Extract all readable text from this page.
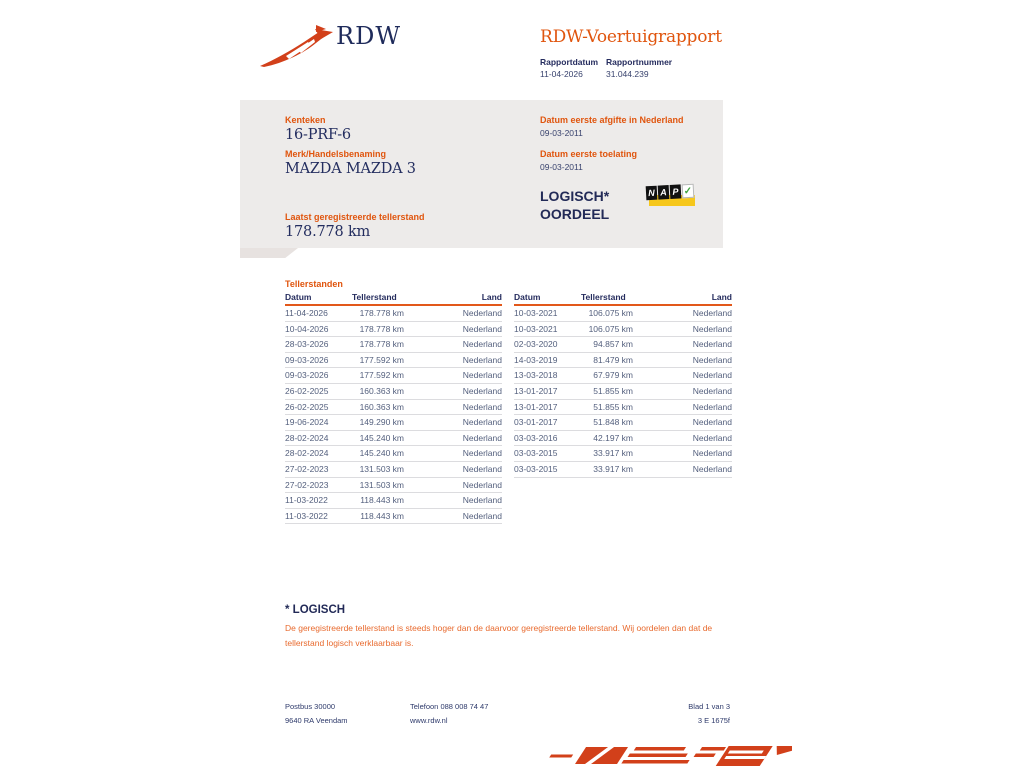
RDW	RDW-Voertuigrapport
Rapportdatum Rapportnummer
11-04-2026	31.044.239
Kenteken
16-PRF-6
Merk/Handelsbenaming
MAZDA MAZDA 3
Laatst geregistreerde tellerstand
178.778 km
Datum eerste afgifte in Nederland
09-03-2011
Datum eerste toelating
09-03-2011
LOGISCH*
OORDEEL
N A P ✓
Tellerstanden
Datum	Tellerstand	Land
11-04-2026	178.778 km	Nederland
10-04-2026	178.778 km	Nederland
28-03-2026	178.778 km	Nederland
09-03-2026	177.592 km	Nederland
09-03-2026	177.592 km	Nederland
26-02-2025	160.363 km	Nederland
26-02-2025	160.363 km	Nederland
19-06-2024	149.290 km	Nederland
28-02-2024	145.240 km	Nederland
28-02-2024	145.240 km	Nederland
27-02-2023	131.503 km	Nederland
27-02-2023	131.503 km	Nederland
11-03-2022	118.443 km	Nederland
11-03-2022	118.443 km	Nederland
Datum	Tellerstand	Land
10-03-2021	106.075 km	Nederland
10-03-2021	106.075 km	Nederland
02-03-2020	94.857 km	Nederland
14-03-2019	81.479 km	Nederland
13-03-2018	67.979 km	Nederland
13-01-2017	51.855 km	Nederland
13-01-2017	51.855 km	Nederland
03-01-2017	51.848 km	Nederland
03-03-2016	42.197 km	Nederland
03-03-2015	33.917 km	Nederland
03-03-2015	33.917 km	Nederland
* LOGISCH
De geregistreerde tellerstand is steeds hoger dan de daarvoor geregistreerde tellerstand. Wij oordelen dan dat de tellerstand logisch verklaarbaar is.
Postbus 30000
9640 RA Veendam
Telefoon 088 008 74 47
www.rdw.nl
Blad 1 van 3
3 E 1675f
